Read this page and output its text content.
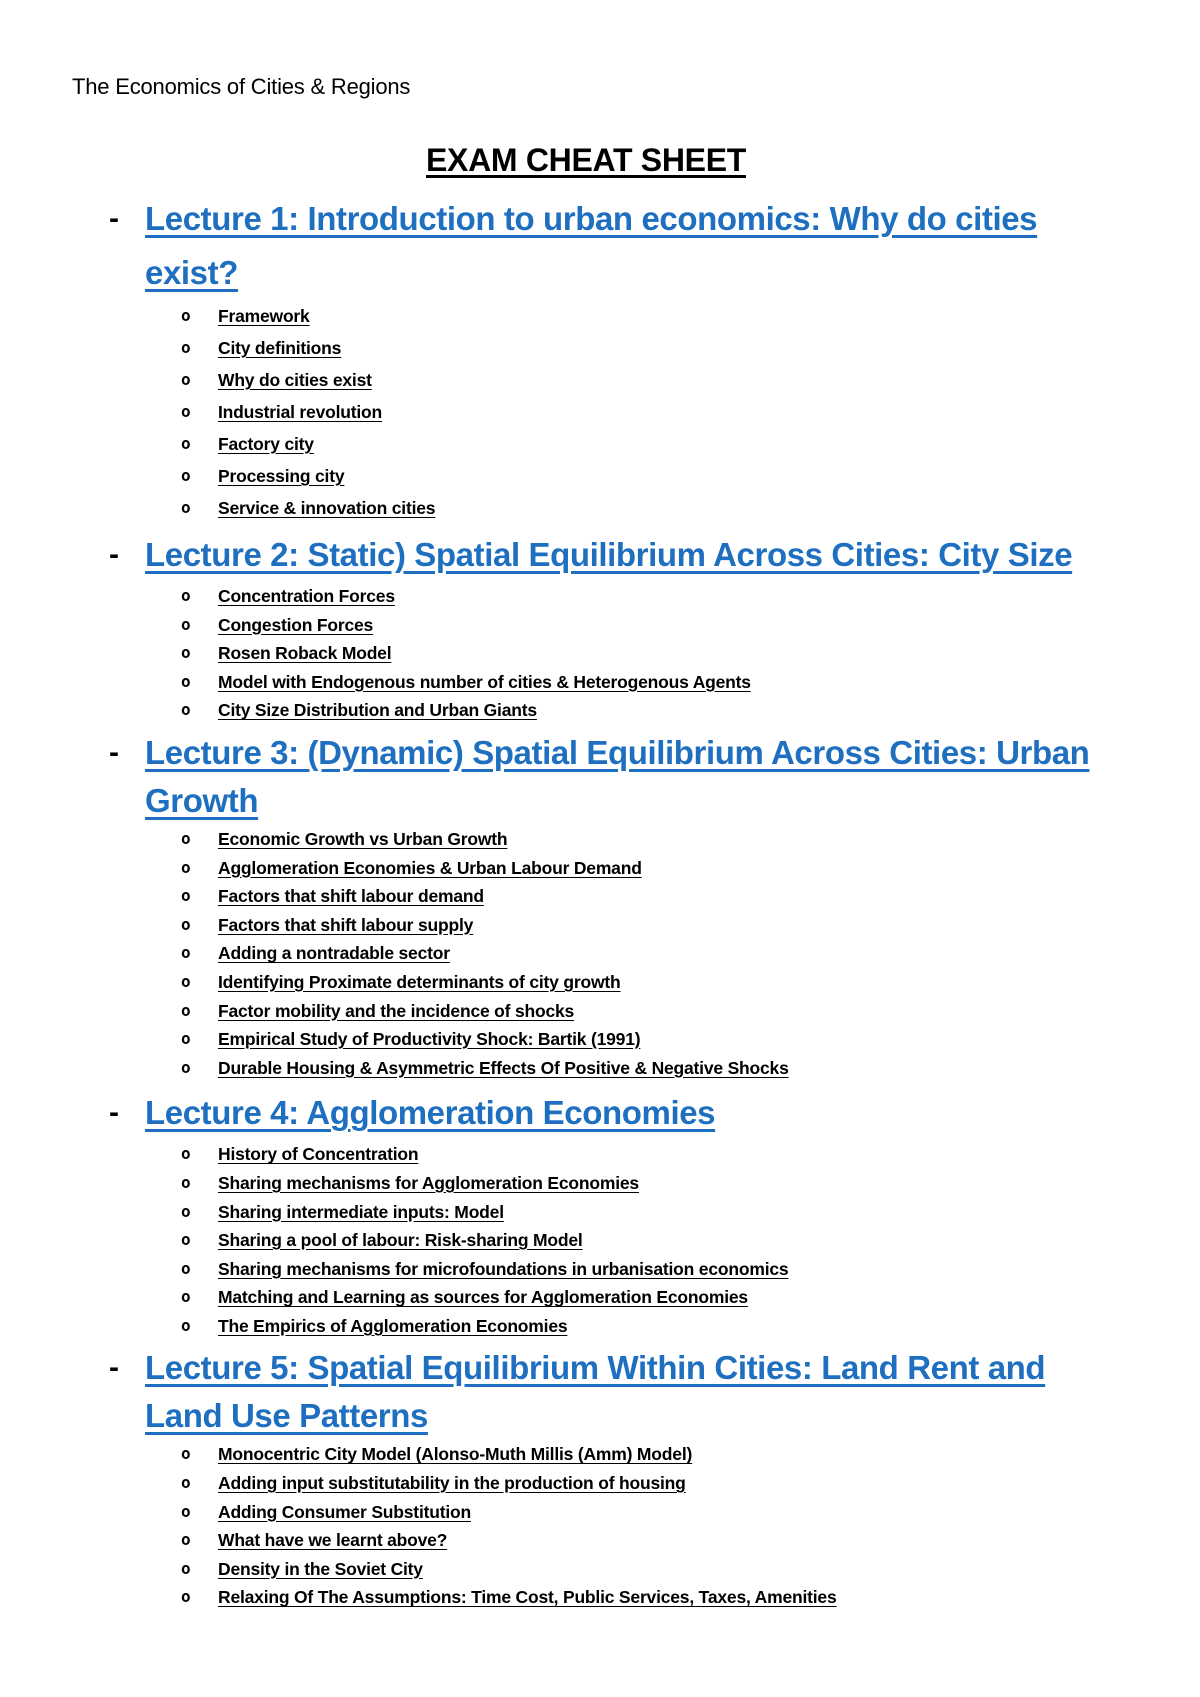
The Economics of Cities & Regions

EXAM CHEAT SHEET
- Lecture 1: Introduction to urban economics: Why do cities exist?
o Framework
o City definitions
o Why do cities exist
o Industrial revolution
o Factory city
o Processing city
o Service & innovation cities
- Lecture 2: Static) Spatial Equilibrium Across Cities: City Size
o Concentration Forces
o Congestion Forces
o Rosen Roback Model
o Model with Endogenous number of cities & Heterogenous Agents
o City Size Distribution and Urban Giants
- Lecture 3: (Dynamic) Spatial Equilibrium Across Cities: Urban Growth
o Economic Growth vs Urban Growth
o Agglomeration Economies & Urban Labour Demand
o Factors that shift labour demand
o Factors that shift labour supply
o Adding a nontradable sector
o Identifying Proximate determinants of city growth
o Factor mobility and the incidence of shocks
o Empirical Study of Productivity Shock: Bartik (1991)
o Durable Housing & Asymmetric Effects Of Positive & Negative Shocks
- Lecture 4: Agglomeration Economies
o History of Concentration
o Sharing mechanisms for Agglomeration Economies
o Sharing intermediate inputs: Model
o Sharing a pool of labour: Risk-sharing Model
o Sharing mechanisms for microfoundations in urbanisation economics
o Matching and Learning as sources for Agglomeration Economies
o The Empirics of Agglomeration Economies
- Lecture 5: Spatial Equilibrium Within Cities: Land Rent and Land Use Patterns
o Monocentric City Model (Alonso-Muth Millis (Amm) Model)
o Adding input substitutability in the production of housing
o Adding Consumer Substitution
o What have we learnt above?
o Density in the Soviet City
o Relaxing Of The Assumptions: Time Cost, Public Services, Taxes, Amenities
